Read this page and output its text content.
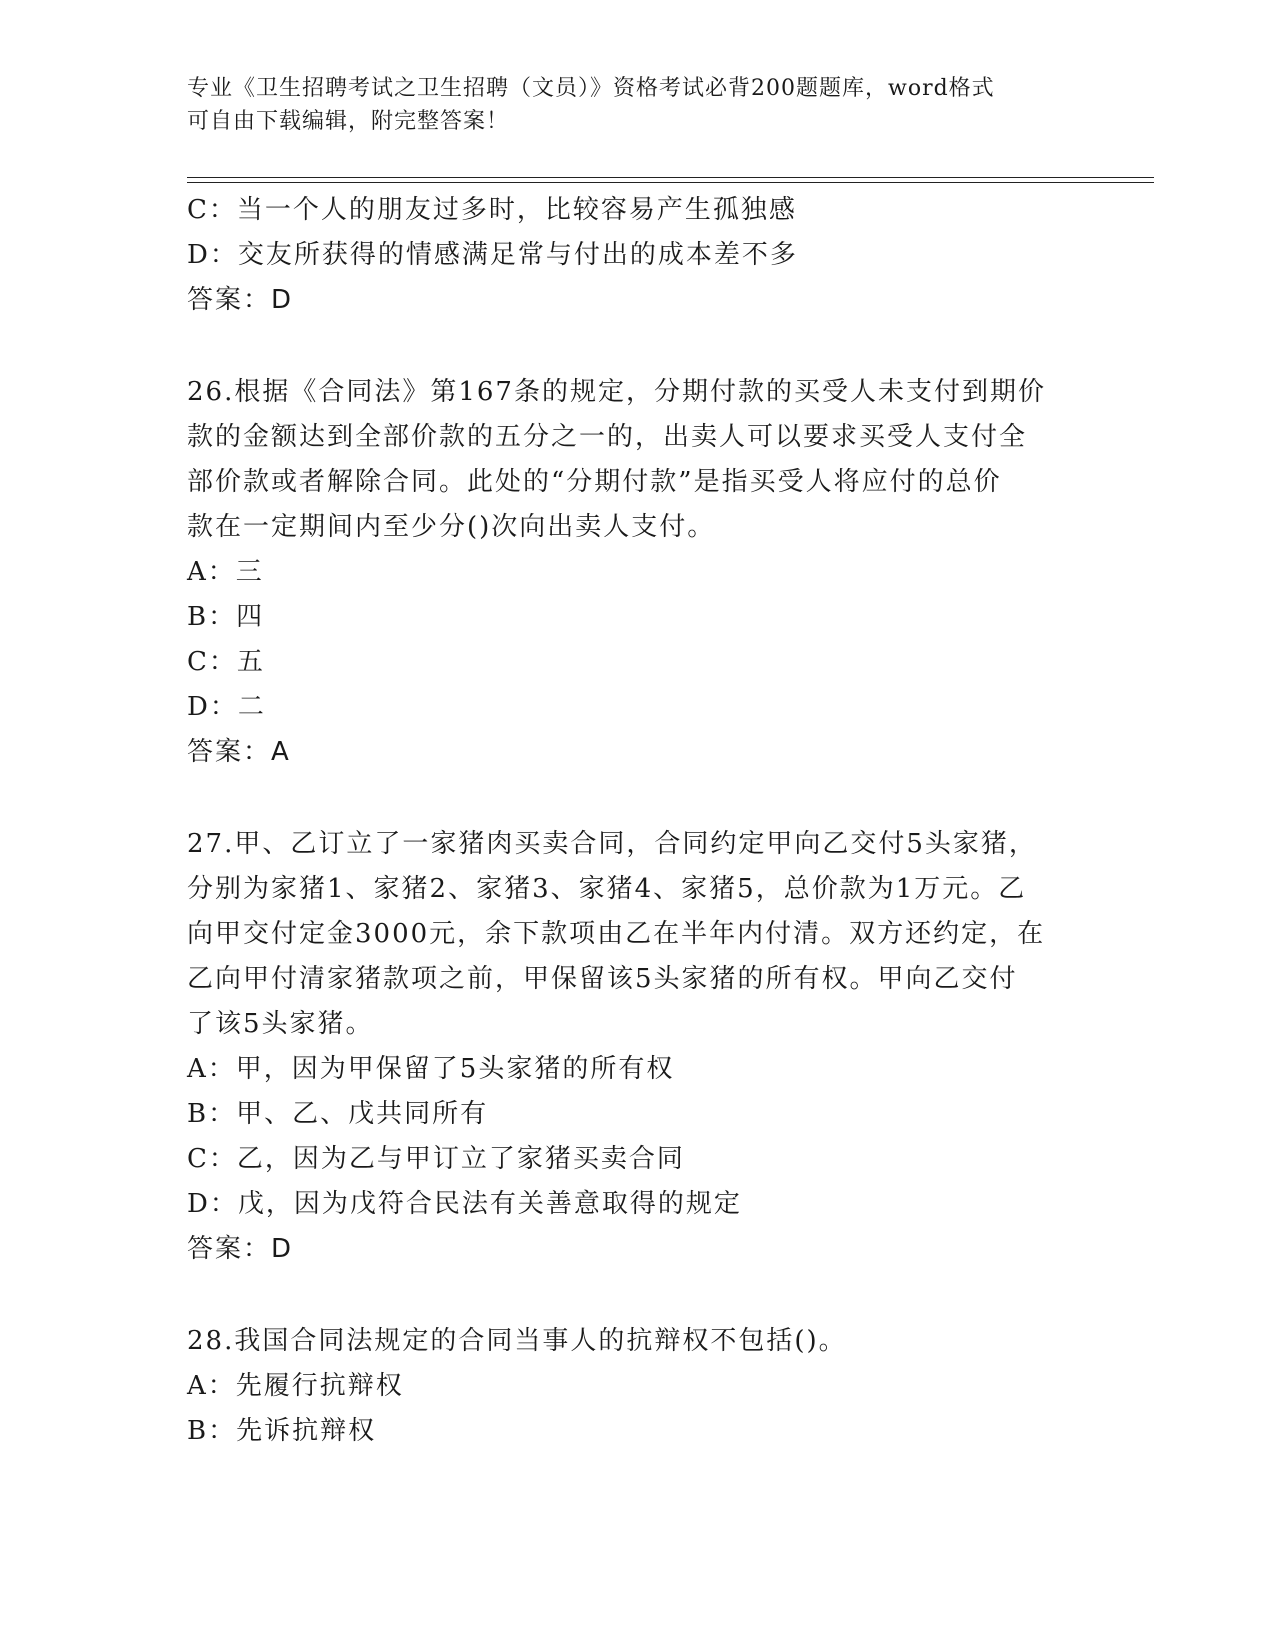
专业《卫生招聘考试之卫生招聘（文员）》资格考试必背200题题库，word格式
可自由下载编辑，附完整答案！
C：当一个人的朋友过多时，比较容易产生孤独感
D：交友所获得的情感满足常与付出的成本差不多
答案：D
26.根据《合同法》第167条的规定，分期付款的买受人未支付到期价
款的金额达到全部价款的五分之一的，出卖人可以要求买受人支付全
部价款或者解除合同。此处的“分期付款”是指买受人将应付的总价
款在一定期间内至少分()次向出卖人支付。
A：三
B：四
C：五
D：二
答案：A
27.甲、乙订立了一家猪肉买卖合同，合同约定甲向乙交付5头家猪，
分别为家猪1、家猪2、家猪3、家猪4、家猪5，总价款为1万元。乙
向甲交付定金3000元，余下款项由乙在半年内付清。双方还约定，在
乙向甲付清家猪款项之前，甲保留该5头家猪的所有权。甲向乙交付
了该5头家猪。
A：甲，因为甲保留了5头家猪的所有权
B：甲、乙、戊共同所有
C：乙，因为乙与甲订立了家猪买卖合同
D：戊，因为戊符合民法有关善意取得的规定
答案：D
28.我国合同法规定的合同当事人的抗辩权不包括()。
A：先履行抗辩权
B：先诉抗辩权
